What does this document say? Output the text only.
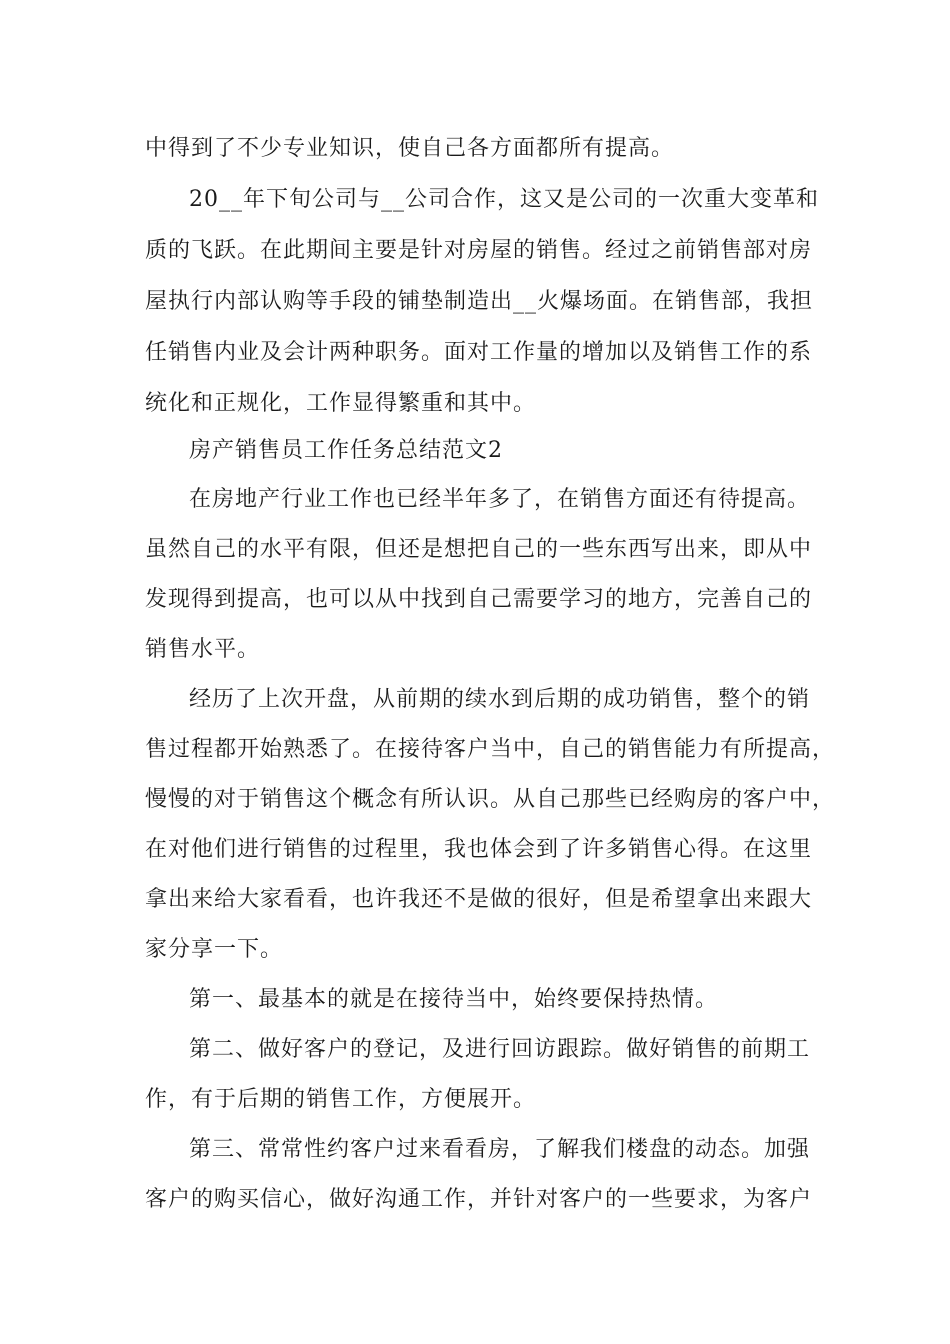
中得到了不少专业知识，使自己各方面都所有提高。
20__年下旬公司与__公司合作，这又是公司的一次重大变革和
质的飞跃。在此期间主要是针对房屋的销售。经过之前销售部对房
屋执行内部认购等手段的铺垫制造出__火爆场面。在销售部，我担
任销售内业及会计两种职务。面对工作量的增加以及销售工作的系
统化和正规化，工作显得繁重和其中。
房产销售员工作任务总结范文2
在房地产行业工作也已经半年多了，在销售方面还有待提高。
虽然自己的水平有限，但还是想把自己的一些东西写出来，即从中
发现得到提高，也可以从中找到自己需要学习的地方，完善自己的
销售水平。
经历了上次开盘，从前期的续水到后期的成功销售，整个的销
售过程都开始熟悉了。在接待客户当中，自己的销售能力有所提高，
慢慢的对于销售这个概念有所认识。从自己那些已经购房的客户中，
在对他们进行销售的过程里，我也体会到了许多销售心得。在这里
拿出来给大家看看，也许我还不是做的很好，但是希望拿出来跟大
家分享一下。
第一、最基本的就是在接待当中，始终要保持热情。
第二、做好客户的登记，及进行回访跟踪。做好销售的前期工
作，有于后期的销售工作，方便展开。
第三、常常性约客户过来看看房，了解我们楼盘的动态。加强
客户的购买信心，做好沟通工作，并针对客户的一些要求，为客户
